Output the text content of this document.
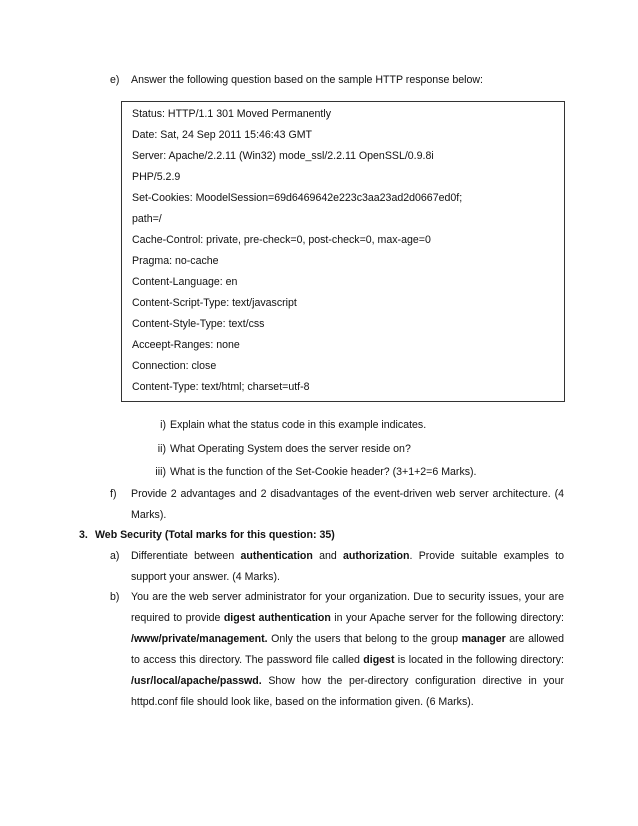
e) Answer the following question based on the sample HTTP response below:
Status: HTTP/1.1 301 Moved Permanently
Date: Sat, 24 Sep 2011 15:46:43 GMT
Server: Apache/2.2.11 (Win32) mode_ssl/2.2.11 OpenSSL/0.9.8i
PHP/5.2.9
Set-Cookies: MoodelSession=69d6469642e223c3aa23ad2d0667ed0f;
path=/
Cache-Control: private, pre-check=0, post-check=0, max-age=0
Pragma: no-cache
Content-Language: en
Content-Script-Type: text/javascript
Content-Style-Type: text/css
Acceept-Ranges: none
Connection: close
Content-Type: text/html; charset=utf-8
i) Explain what the status code in this example indicates.
ii) What Operating System does the server reside on?
iii) What is the function of the Set-Cookie header? (3+1+2=6 Marks).
f) Provide 2 advantages and 2 disadvantages of the event-driven web server architecture. (4
Marks).
3. Web Security (Total marks for this question: 35)
a) Differentiate between authentication and authorization. Provide suitable examples to
support your answer. (4 Marks).
b) You are the web server administrator for your organization. Due to security issues, your are
required to provide digest authentication in your Apache server for the following directory:
/www/private/management. Only the users that belong to the group manager are allowed
to access this directory. The password file called digest is located in the following directory:
/usr/local/apache/passwd. Show how the per-directory configuration directive in your
httpd.conf file should look like, based on the information given. (6 Marks).
